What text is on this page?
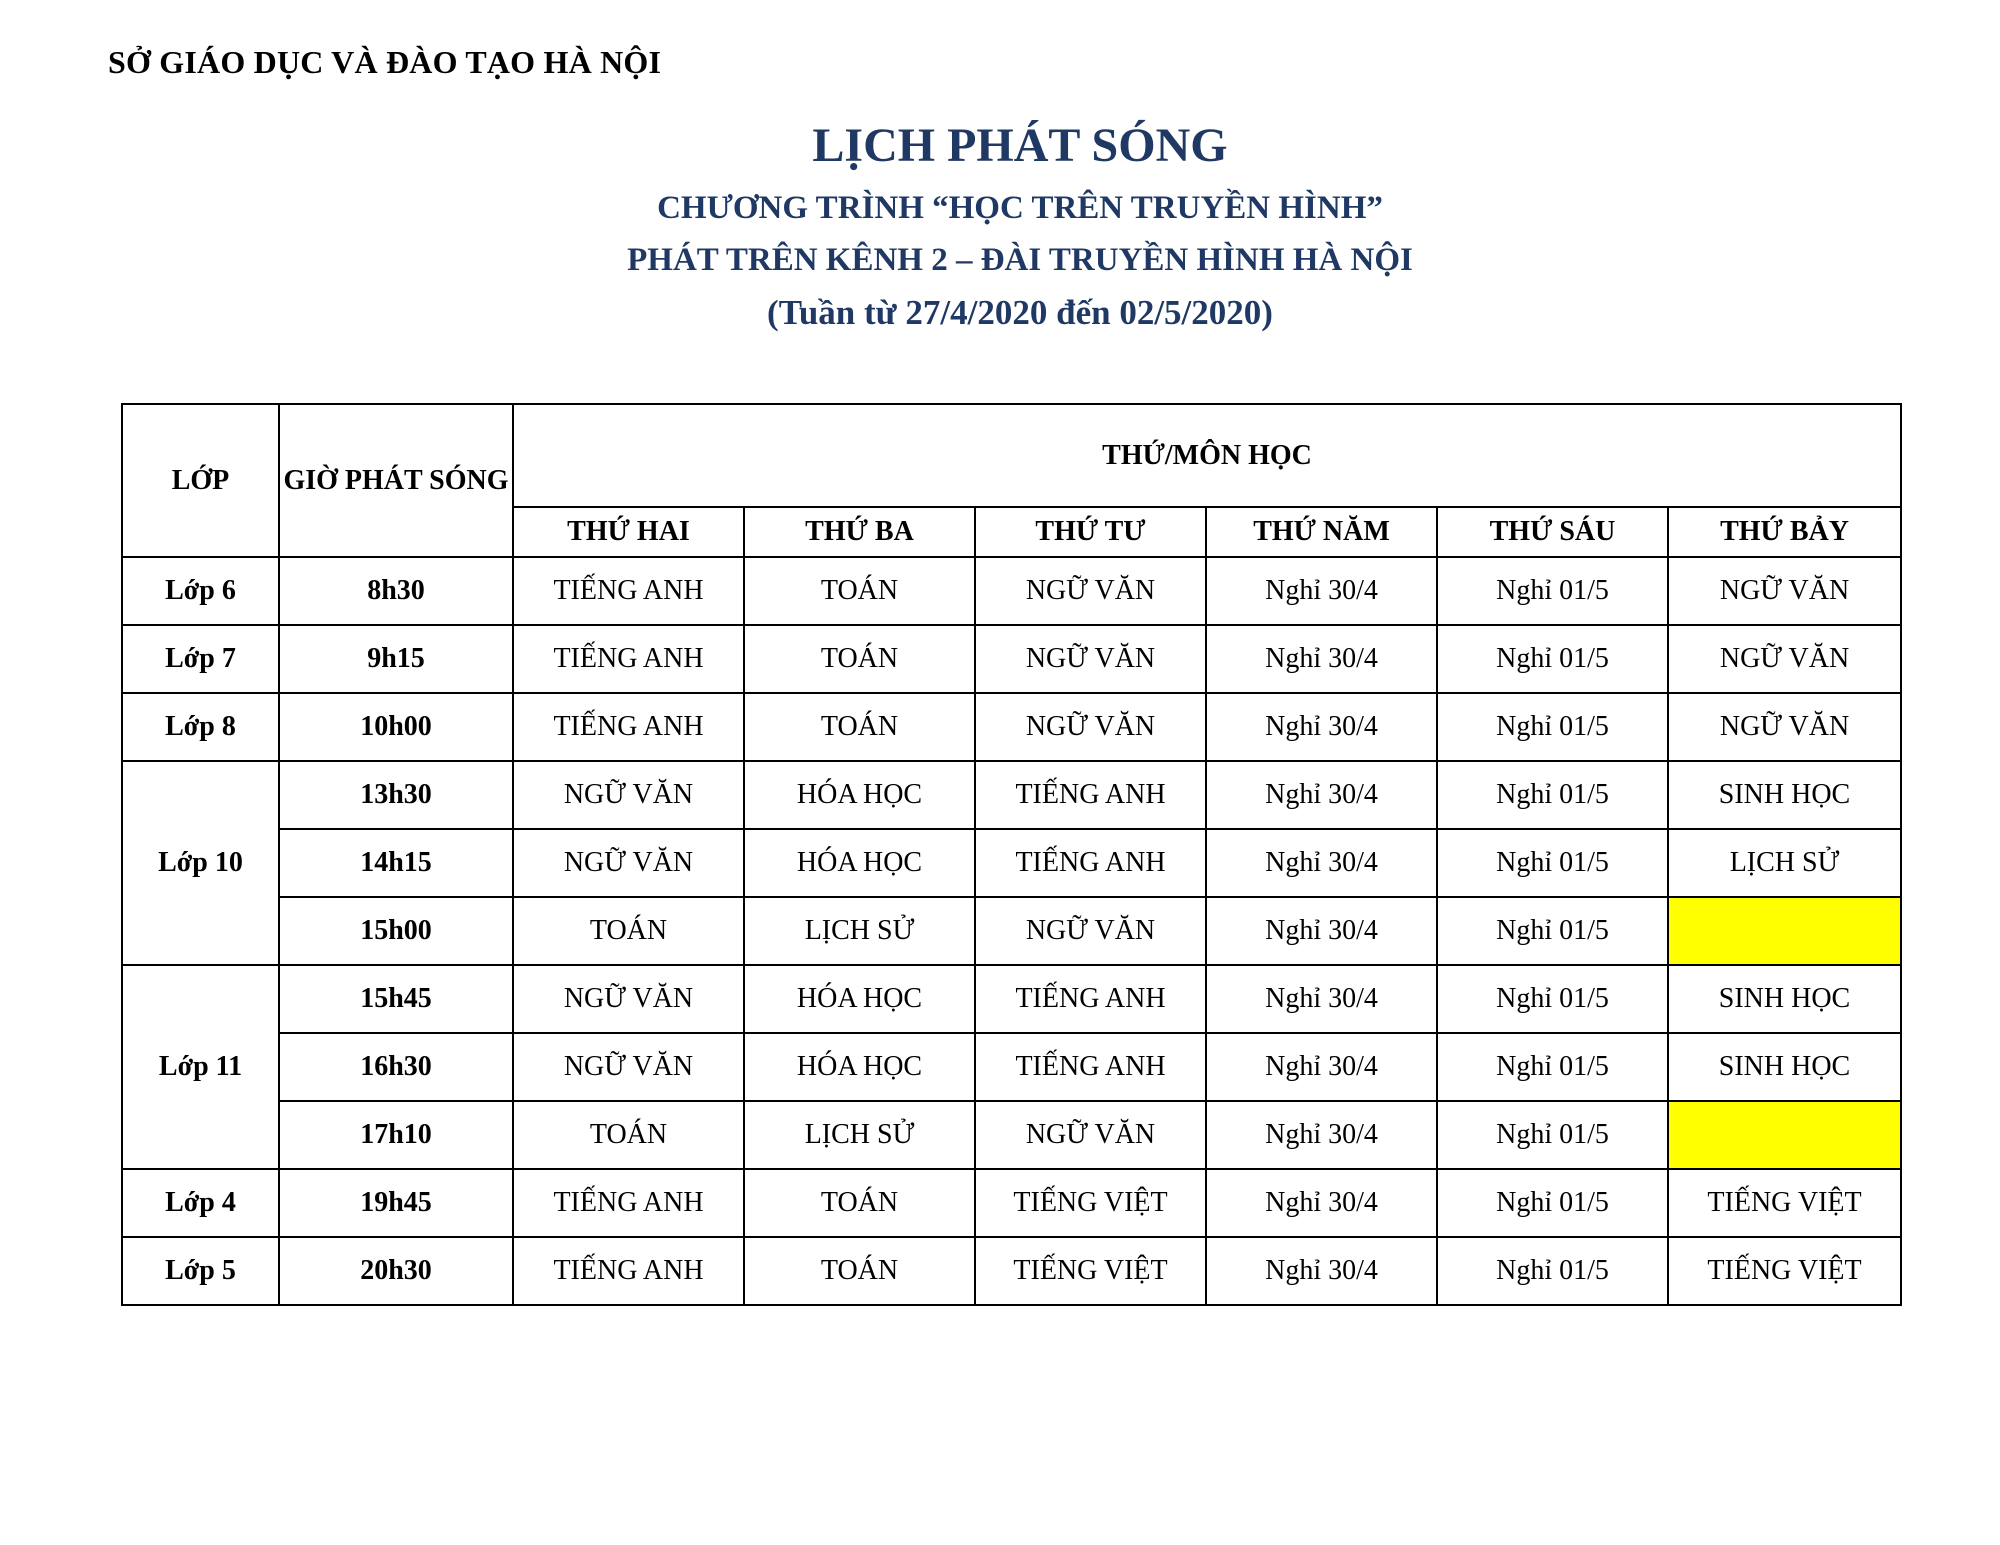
SỞ GIÁO DỤC VÀ ĐÀO TẠO HÀ NỘI
LỊCH PHÁT SÓNG
CHƯƠNG TRÌNH “HỌC TRÊN TRUYỀN HÌNH”
PHÁT TRÊN KÊNH 2 – ĐÀI TRUYỀN HÌNH HÀ NỘI
(Tuần từ 27/4/2020 đến 02/5/2020)
LỚP	GIỜ PHÁT SÓNG	THỨ/MÔN HỌC					
		THỨ HAI	THỨ BA	THỨ TƯ	THỨ NĂM	THỨ SÁU	THỨ BẢY
Lớp 6	8h30	TIẾNG ANH	TOÁN	NGỮ VĂN	Nghỉ 30/4	Nghỉ 01/5	NGỮ VĂN
Lớp 7	9h15	TIẾNG ANH	TOÁN	NGỮ VĂN	Nghỉ 30/4	Nghỉ 01/5	NGỮ VĂN
Lớp 8	10h00	TIẾNG ANH	TOÁN	NGỮ VĂN	Nghỉ 30/4	Nghỉ 01/5	NGỮ VĂN
Lớp 10	13h30	NGỮ VĂN	HÓA HỌC	TIẾNG ANH	Nghỉ 30/4	Nghỉ 01/5	SINH HỌC
	14h15	NGỮ VĂN	HÓA HỌC	TIẾNG ANH	Nghỉ 30/4	Nghỉ 01/5	LỊCH SỬ
	15h00	TOÁN	LỊCH SỬ	NGỮ VĂN	Nghỉ 30/4	Nghỉ 01/5	
Lớp 11	15h45	NGỮ VĂN	HÓA HỌC	TIẾNG ANH	Nghỉ 30/4	Nghỉ 01/5	SINH HỌC
	16h30	NGỮ VĂN	HÓA HỌC	TIẾNG ANH	Nghỉ 30/4	Nghỉ 01/5	SINH HỌC
	17h10	TOÁN	LỊCH SỬ	NGỮ VĂN	Nghỉ 30/4	Nghỉ 01/5	
Lớp 4	19h45	TIẾNG ANH	TOÁN	TIẾNG VIỆT	Nghỉ 30/4	Nghỉ 01/5	TIẾNG VIỆT
Lớp 5	20h30	TIẾNG ANH	TOÁN	TIẾNG VIỆT	Nghỉ 30/4	Nghỉ 01/5	TIẾNG VIỆT
